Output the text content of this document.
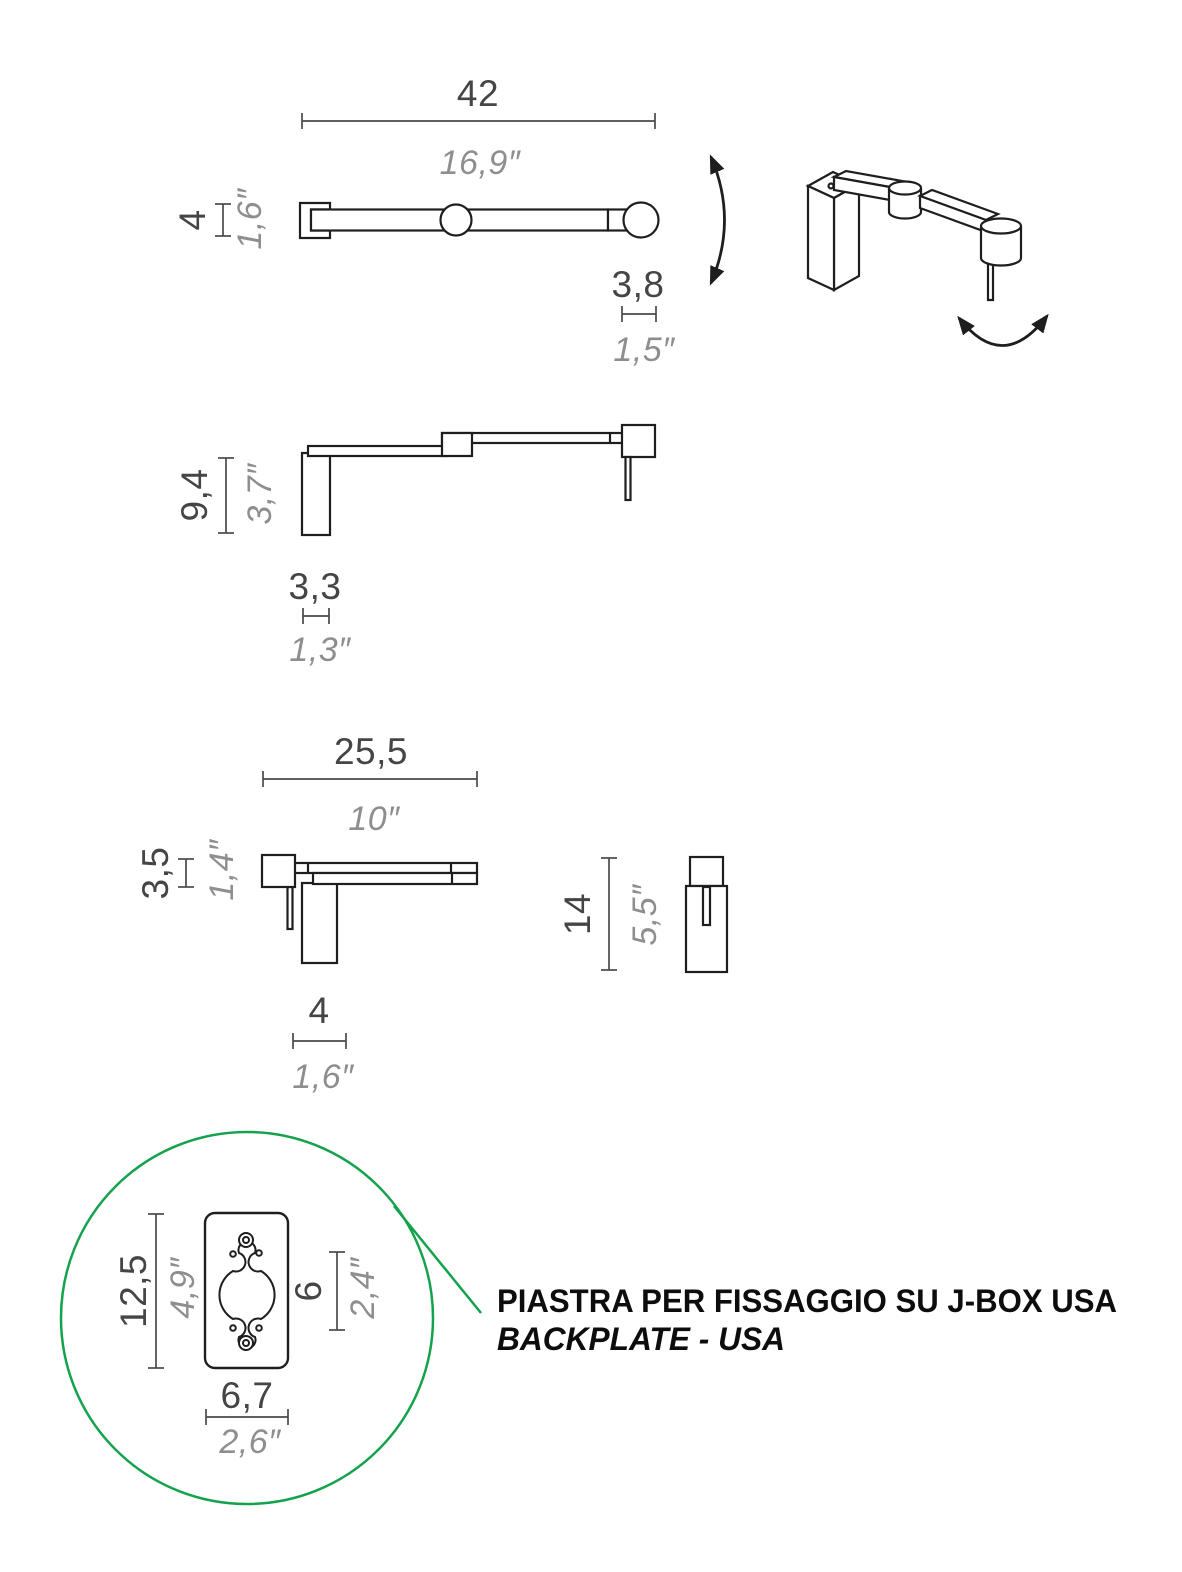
42
16,9″
4 1,6″
3,8
1,5″
9,4 3,7″
3,3
1,3″
25,5
10″
3,5 1,4″
4
1,6″
14 5,5″
12,5 4,9″ 6 2,4″
6,7
2,6″
PIASTRA PER FISSAGGIO SU J-BOX USA
BACKPLATE - USA
